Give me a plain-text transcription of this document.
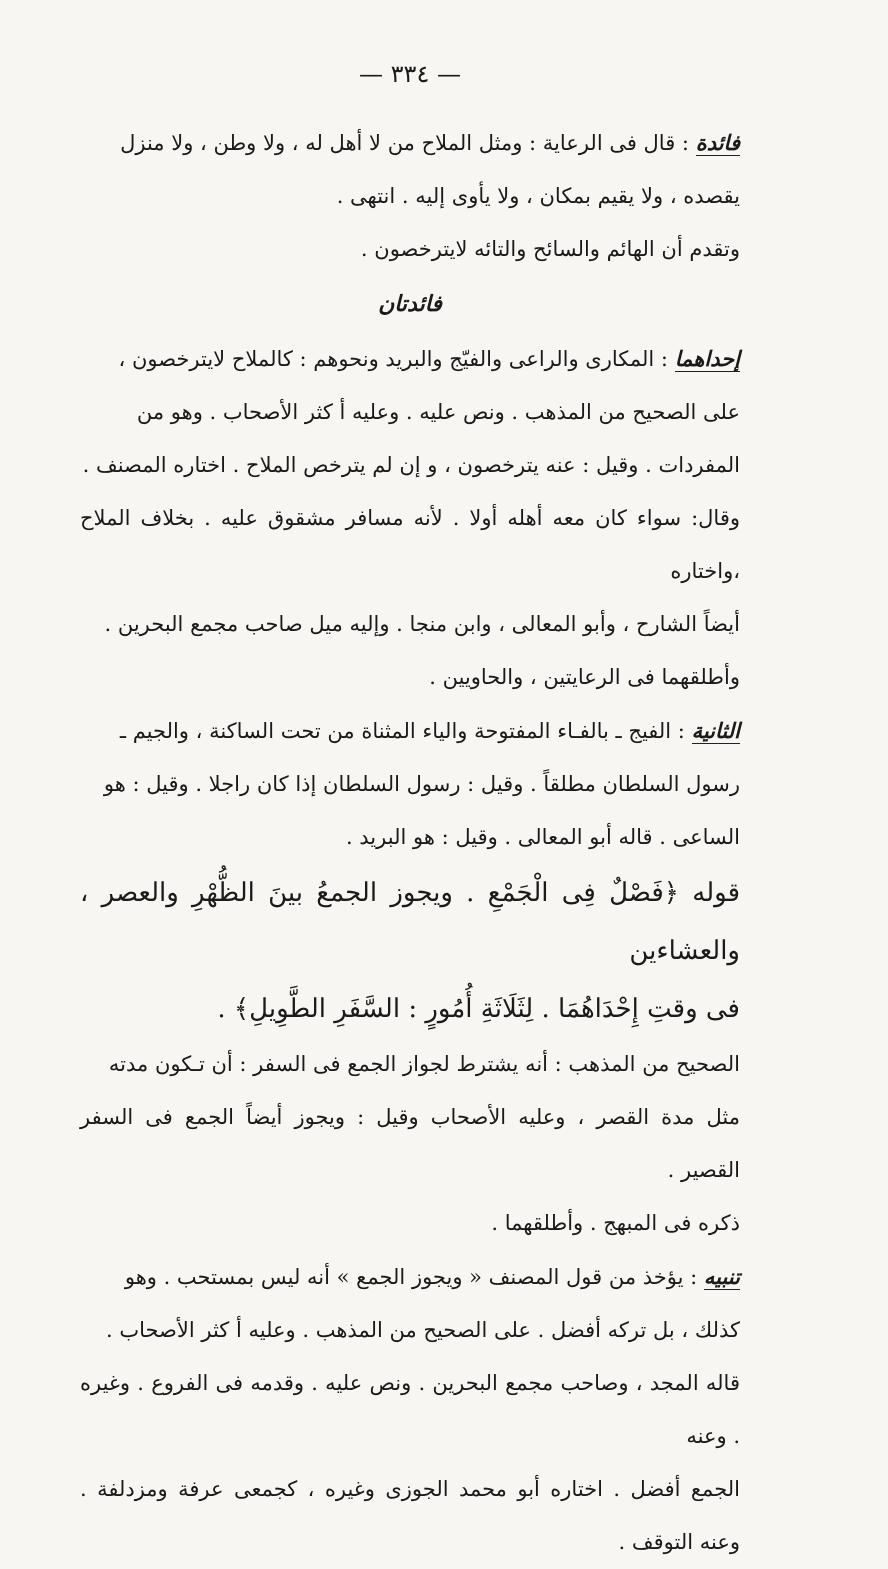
— ٣٣٤ —

فائدة : قال فى الرعاية : ومثل الملاح من لا أهل له ، ولا وطن ، ولا منزل
يقصده ، ولا يقيم بمكان ، ولا يأوى إليه . انتهى .

وتقدم أن الهائم والسائح والتائه لايترخصون .

فائدتان

إحداهما : المكارى والراعى والفيّج والبريد ونحوهم : كالملاح لايترخصون ،
على الصحيح من المذهب . ونص عليه . وعليه أ كثر الأصحاب . وهو من
المفردات . وقيل : عنه يترخصون ، و إن لم يترخص الملاح . اختاره المصنف .
وقال: سواء كان معه أهله أولا . لأنه مسافر مشقوق عليه . بخلاف الملاح ،واختاره
أيضاً الشارح ، وأبو المعالى ، وابن منجا . وإليه ميل صاحب مجمع البحرين .
وأطلقهما فى الرعايتين ، والحاويين .

الثانية : الفيج ـ بالفـاء المفتوحة والياء المثناة من تحت الساكنة ، والجيم ـ
رسول السلطان مطلقاً . وقيل : رسول السلطان إذا كان راجلا . وقيل : هو
الساعى . قاله أبو المعالى . وقيل : هو البريد .

قوله ﴿فَصْلٌ فِى الْجَمْعِ . ويجوز الجمعُ بينَ الظُّهْرِ والعصر ، والعشاءين
فى وقتِ إِحْدَاهُمَا . لِثَلَاثَةِ أُمُورٍ : السَّفَرِ الطَّوِيلِ﴾ .

الصحيح من المذهب : أنه يشترط لجواز الجمع فى السفر : أن تـكون مدته
مثل مدة القصر ، وعليه الأصحاب وقيل : ويجوز أيضاً الجمع فى السفر القصير .
ذكره فى المبهج . وأطلقهما .

تنبيه : يؤخذ من قول المصنف « ويجوز الجمع » أنه ليس بمستحب . وهو
كذلك ، بل تركه أفضل . على الصحيح من المذهب . وعليه أ كثر الأصحاب .
قاله المجد ، وصاحب مجمع البحرين . ونص عليه . وقدمه فى الفروع . وغيره . وعنه
الجمع أفضل . اختاره أبو محمد الجوزى وغيره ، كجمعى عرفة ومزدلفة . وعنه التوقف .
